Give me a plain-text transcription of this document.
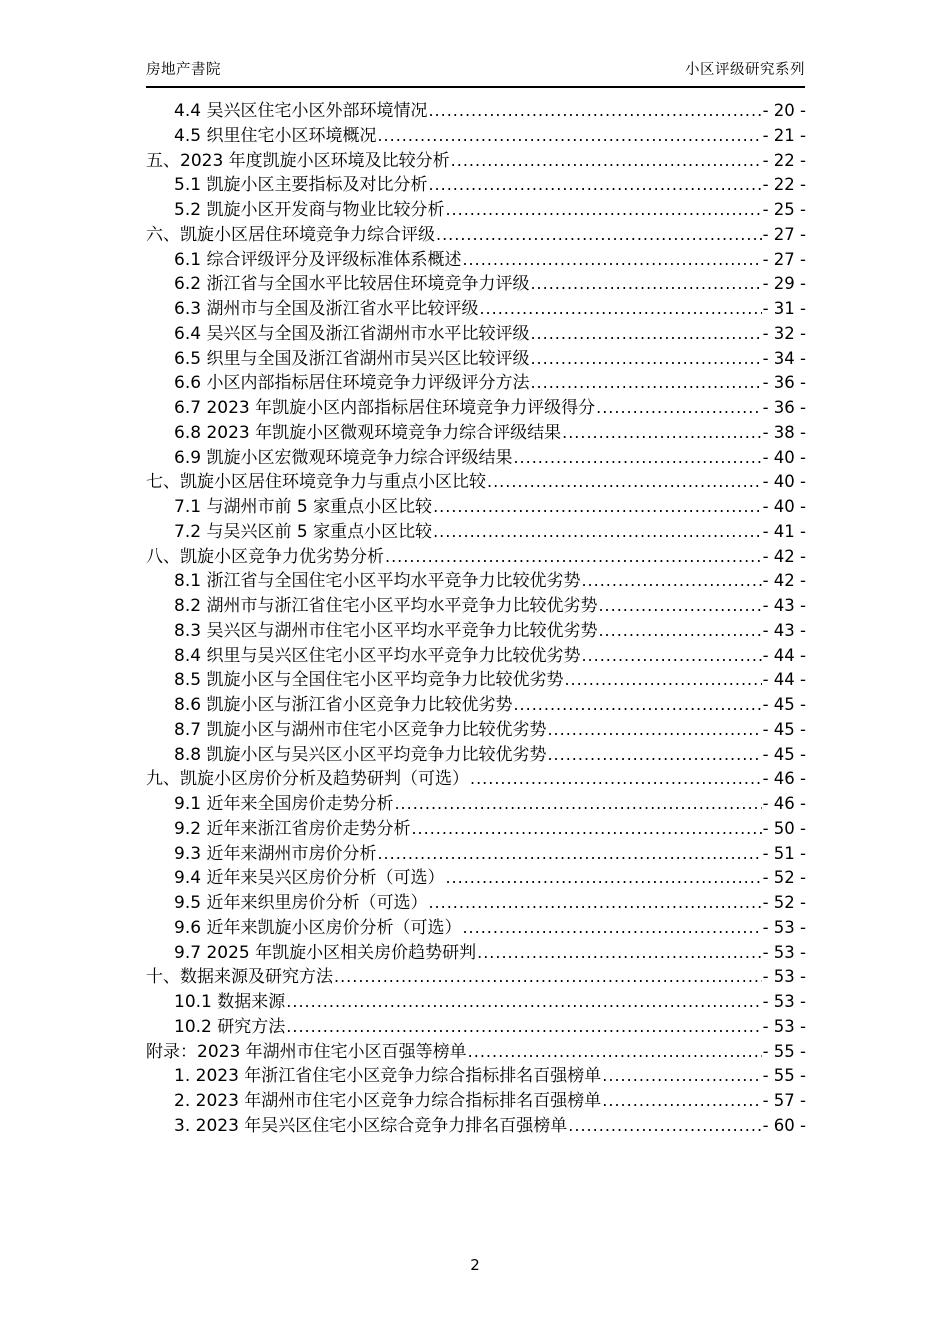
房地产書院	小区评级研究系列
4.4 吴兴区住宅小区外部环境情况 .....	- 20 -
4.5 织里住宅小区环境概况 .....	- 21 -
五、2023 年度凯旋小区环境及比较分析 .....	- 22 -
5.1 凯旋小区主要指标及对比分析 .....	- 22 -
5.2 凯旋小区开发商与物业比较分析 .....	- 25 -
六、凯旋小区居住环境竞争力综合评级 .....	- 27 -
6.1 综合评级评分及评级标准体系概述 .....	- 27 -
6.2 浙江省与全国水平比较居住环境竞争力评级 .....	- 29 -
6.3 湖州市与全国及浙江省水平比较评级 .....	- 31 -
6.4 吴兴区与全国及浙江省湖州市水平比较评级 .....	- 32 -
6.5 织里与全国及浙江省湖州市吴兴区比较评级 .....	- 34 -
6.6 小区内部指标居住环境竞争力评级评分方法 .....	- 36 -
6.7 2023 年凯旋小区内部指标居住环境竞争力评级得分 .....	- 36 -
6.8 2023 年凯旋小区微观环境竞争力综合评级结果 .....	- 38 -
6.9 凯旋小区宏微观环境竞争力综合评级结果 .....	- 40 -
七、凯旋小区居住环境竞争力与重点小区比较 .....	- 40 -
7.1 与湖州市前 5 家重点小区比较 .....	- 40 -
7.2 与吴兴区前 5 家重点小区比较 .....	- 41 -
八、凯旋小区竞争力优劣势分析 .....	- 42 -
8.1 浙江省与全国住宅小区平均水平竞争力比较优劣势 .....	- 42 -
8.2 湖州市与浙江省住宅小区平均水平竞争力比较优劣势 .....	- 43 -
8.3 吴兴区与湖州市住宅小区平均水平竞争力比较优劣势 .....	- 43 -
8.4 织里与吴兴区住宅小区平均水平竞争力比较优劣势 .....	- 44 -
8.5 凯旋小区与全国住宅小区平均竞争力比较优劣势 .....	- 44 -
8.6 凯旋小区与浙江省小区竞争力比较优劣势 .....	- 45 -
8.7 凯旋小区与湖州市住宅小区竞争力比较优劣势 .....	- 45 -
8.8 凯旋小区与吴兴区小区平均竞争力比较优劣势 .....	- 45 -
九、凯旋小区房价分析及趋势研判（可选） .....	- 46 -
9.1 近年来全国房价走势分析 .....	- 46 -
9.2 近年来浙江省房价走势分析 .....	- 50 -
9.3 近年来湖州市房价分析 .....	- 51 -
9.4 近年来吴兴区房价分析（可选） .....	- 52 -
9.5 近年来织里房价分析（可选） .....	- 52 -
9.6 近年来凯旋小区房价分析（可选） .....	- 53 -
9.7 2025 年凯旋小区相关房价趋势研判 .....	- 53 -
十、数据来源及研究方法 .....	- 53 -
10.1 数据来源 .....	- 53 -
10.2 研究方法 .....	- 53 -
附录：2023 年湖州市住宅小区百强等榜单 .....	- 55 -
1. 2023 年浙江省住宅小区竞争力综合指标排名百强榜单 .....	- 55 -
2. 2023 年湖州市住宅小区竞争力综合指标排名百强榜单 .....	- 57 -
3. 2023 年吴兴区住宅小区综合竞争力排名百强榜单 .....	- 60 -
2
